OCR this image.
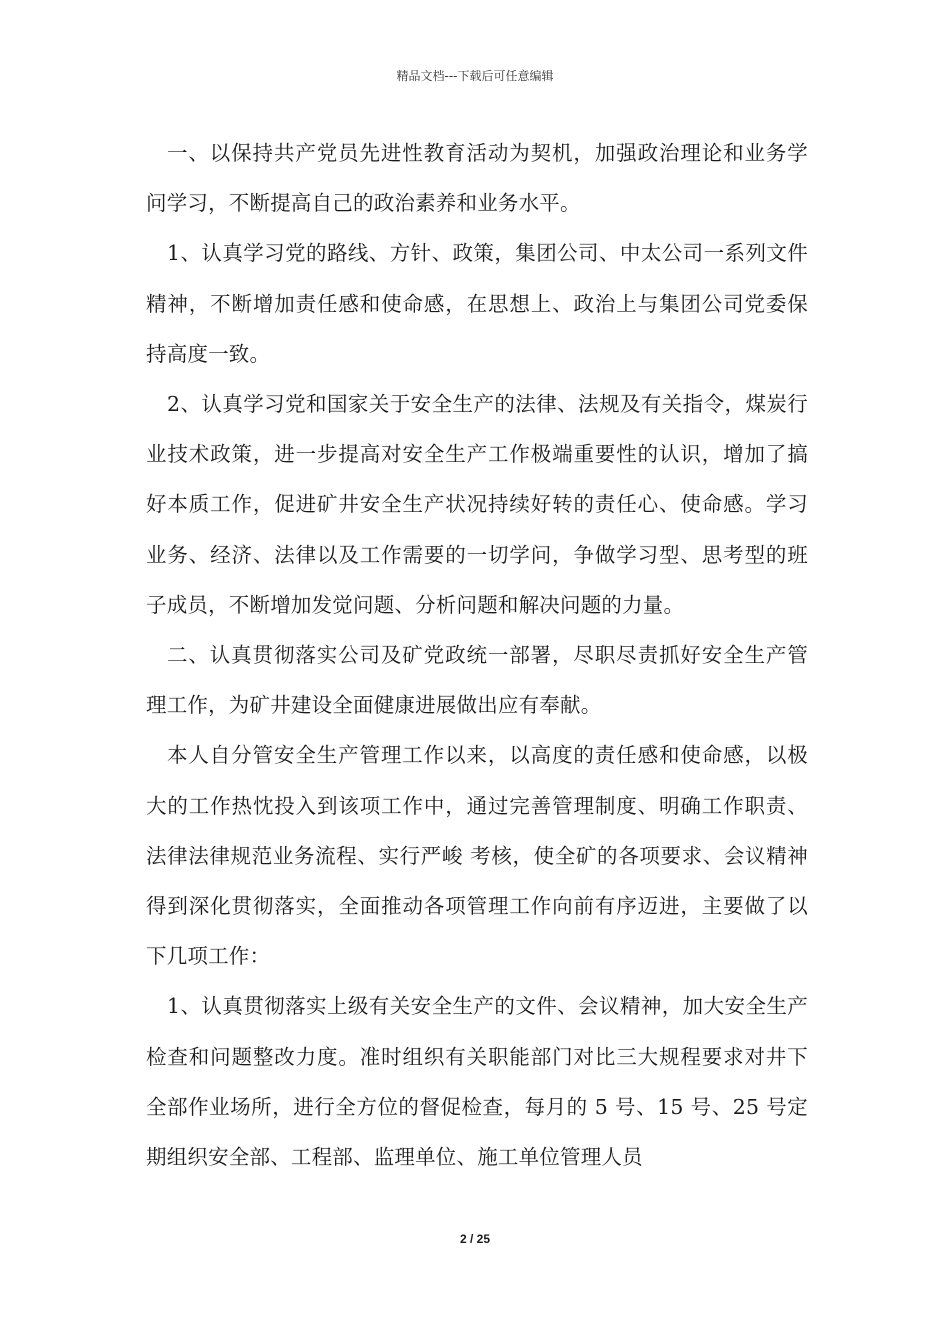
精品文档---下载后可任意编辑

一、以保持共产党员先进性教育活动为契机，加强政治理论和业务学问学习，不断提高自己的政治素养和业务水平。

1、认真学习党的路线、方针、政策，集团公司、中太公司一系列文件精神，不断增加责任感和使命感，在思想上、政治上与集团公司党委保持高度一致。

2、认真学习党和国家关于安全生产的法律、法规及有关指令，煤炭行业技术政策，进一步提高对安全生产工作极端重要性的认识，增加了搞好本质工作，促进矿井安全生产状况持续好转的责任心、使命感。学习业务、经济、法律以及工作需要的一切学问，争做学习型、思考型的班子成员，不断增加发觉问题、分析问题和解决问题的力量。

二、认真贯彻落实公司及矿党政统一部署，尽职尽责抓好安全生产管理工作，为矿井建设全面健康进展做出应有奉献。

本人自分管安全生产管理工作以来，以高度的责任感和使命感，以极大的工作热忱投入到该项工作中，通过完善管理制度、明确工作职责、法律法律规范业务流程、实行严峻 考核，使全矿的各项要求、会议精神得到深化贯彻落实，全面推动各项管理工作向前有序迈进，主要做了以下几项工作：

1、认真贯彻落实上级有关安全生产的文件、会议精神，加大安全生产检查和问题整改力度。准时组织有关职能部门对比三大规程要求对井下全部作业场所，进行全方位的督促检查，每月的 5 号、15 号、25 号定期组织安全部、工程部、监理单位、施工单位管理人员

2 / 25
